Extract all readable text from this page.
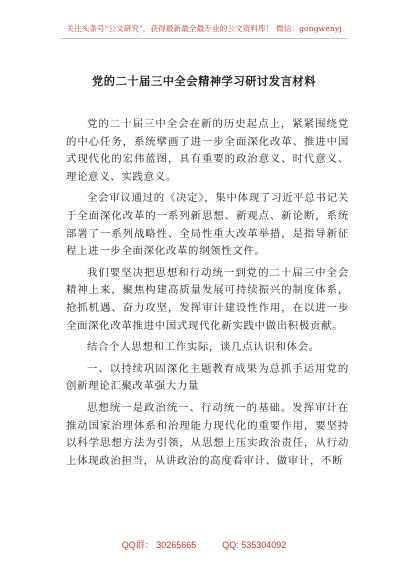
关注头条号"公文研究"，获得最新最全最专业的公文资料库！ 微信：gongwenyj
党的二十届三中全会精神学习研讨发言材料

党的二十届三中全会在新的历史起点上，紧紧围绕党的中心任务，系统擘画了进一步全面深化改革、推进中国式现代化的宏伟蓝图，具有重要的政治意义、时代意义、理论意义、实践意义。

全会审议通过的《决定》，集中体现了习近平总书记关于全面深化改革的一系列新思想、新观点、新论断，系统部署了一系列战略性、全局性重大改革举措，是指导新征程上进一步全面深化改革的纲领性文件。

我们要坚决把思想和行动统一到党的二十届三中全会精神上来，聚焦构建高质量发展可持续振兴的制度体系，抢抓机遇、奋力攻坚，发挥审计建设性作用，在以进一步全面深化改革推进中国式现代化新实践中做出积极贡献。

结合个人思想和工作实际，谈几点认识和体会。

一、以持续巩固深化主题教育成果为总抓手运用党的创新理论汇聚改革强大力量

思想统一是政治统一、行动统一的基础。发挥审计在推动国家治理体系和治理能力现代化的重要作用，要坚持以科学思想方法为引领，从思想上压实政治责任，从行动上体现政治担当，从讲政治的高度看审计、做审计，不断

QQ群： 30265665	QQ: 535304092
